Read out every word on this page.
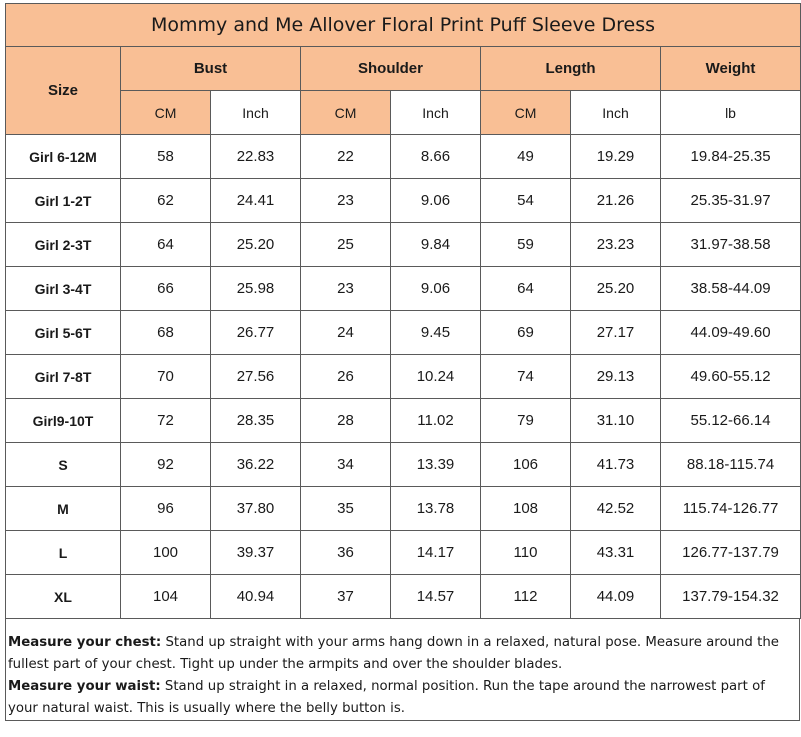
Mommy and Me Allover Floral Print Puff Sleeve Dress							
Size	Bust		Shoulder		Length		Weight
	CM	Inch	CM	Inch	CM	Inch	lb
Girl 6-12M	58	22.83	22	8.66	49	19.29	19.84-25.35
Girl 1-2T	62	24.41	23	9.06	54	21.26	25.35-31.97
Girl 2-3T	64	25.20	25	9.84	59	23.23	31.97-38.58
Girl 3-4T	66	25.98	23	9.06	64	25.20	38.58-44.09
Girl 5-6T	68	26.77	24	9.45	69	27.17	44.09-49.60
Girl 7-8T	70	27.56	26	10.24	74	29.13	49.60-55.12
Girl9-10T	72	28.35	28	11.02	79	31.10	55.12-66.14
S	92	36.22	34	13.39	106	41.73	88.18-115.74
M	96	37.80	35	13.78	108	42.52	115.74-126.77
L	100	39.37	36	14.17	110	43.31	126.77-137.79
XL	104	40.94	37	14.57	112	44.09	137.79-154.32
Measure your chest: Stand up straight with your arms hang down in a relaxed, natural pose. Measure around the fullest part of your chest. Tight up under the armpits and over the shoulder blades.
Measure your waist: Stand up straight in a relaxed, normal position. Run the tape around the narrowest part of your natural waist. This is usually where the belly button is.
